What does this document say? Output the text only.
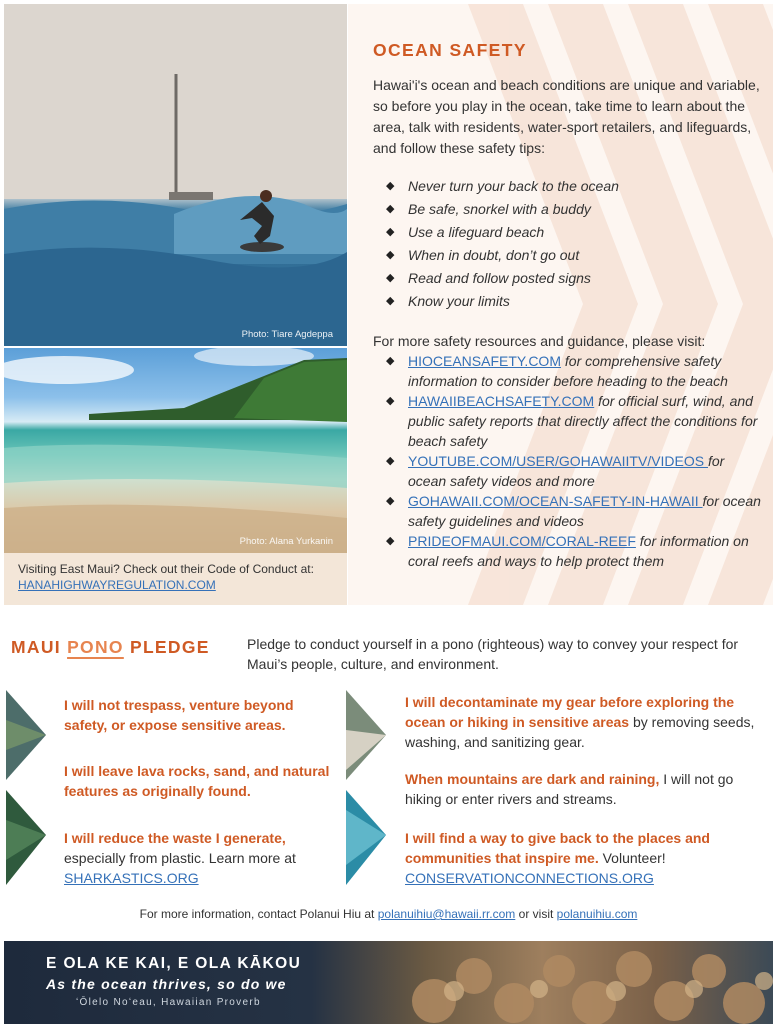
Photo: Tiare Agdeppa
Photo: Alana Yurkanin
Visiting East Maui? Check out their Code of Conduct at:
HANAHIGHWAYREGULATION.COM
OCEAN SAFETY

Hawai'i's ocean and beach conditions are unique and variable, so before you play in the ocean, take time to learn about the area, talk with residents, water-sport retailers, and lifeguards, and follow these safety tips:

◆ Never turn your back to the ocean
◆ Be safe, snorkel with a buddy
◆ Use a lifeguard beach
◆ When in doubt, don’t go out
◆ Read and follow posted signs
◆ Know your limits

For more safety resources and guidance, please visit:

◆ HIOCEANSAFETY.COM for comprehensive safety information to consider before heading to the beach
◆ HAWAIIBEACHSAFETY.COM for official surf, wind, and public safety reports that directly affect the conditions for beach safety
◆ YOUTUBE.COM/USER/GOHAWAIITV/VIDEOS for ocean safety videos and more
◆ GOHAWAII.COM/OCEAN-SAFETY-IN-HAWAII for ocean safety guidelines and videos
◆ PRIDEOFMAUI.COM/CORAL-REEF for information on coral reefs and ways to help protect them
MAUI PONO PLEDGE	Pledge to conduct yourself in a pono (righteous) way to convey your respect for Maui’s people, culture, and environment.

I will not trespass, venture beyond safety, or expose sensitive areas.
I will leave lava rocks, sand, and natural features as originally found.
I will reduce the waste I generate, especially from plastic. Learn more at SHARKASTICS.ORG
I will decontaminate my gear before exploring the ocean or hiking in sensitive areas by removing seeds, washing, and sanitizing gear.
When mountains are dark and raining, I will not go hiking or enter rivers and streams.
I will find a way to give back to the places and communities that inspire me. Volunteer! CONSERVATIONCONNECTIONS.ORG
For more information, contact Polanui Hiu at polanuihiu@hawaii.rr.com or visit polanuihiu.com
E OLA KE KAI, E OLA KĀKOU
As the ocean thrives, so do we
ʻŌlelo Noʻeau, Hawaiian Proverb
